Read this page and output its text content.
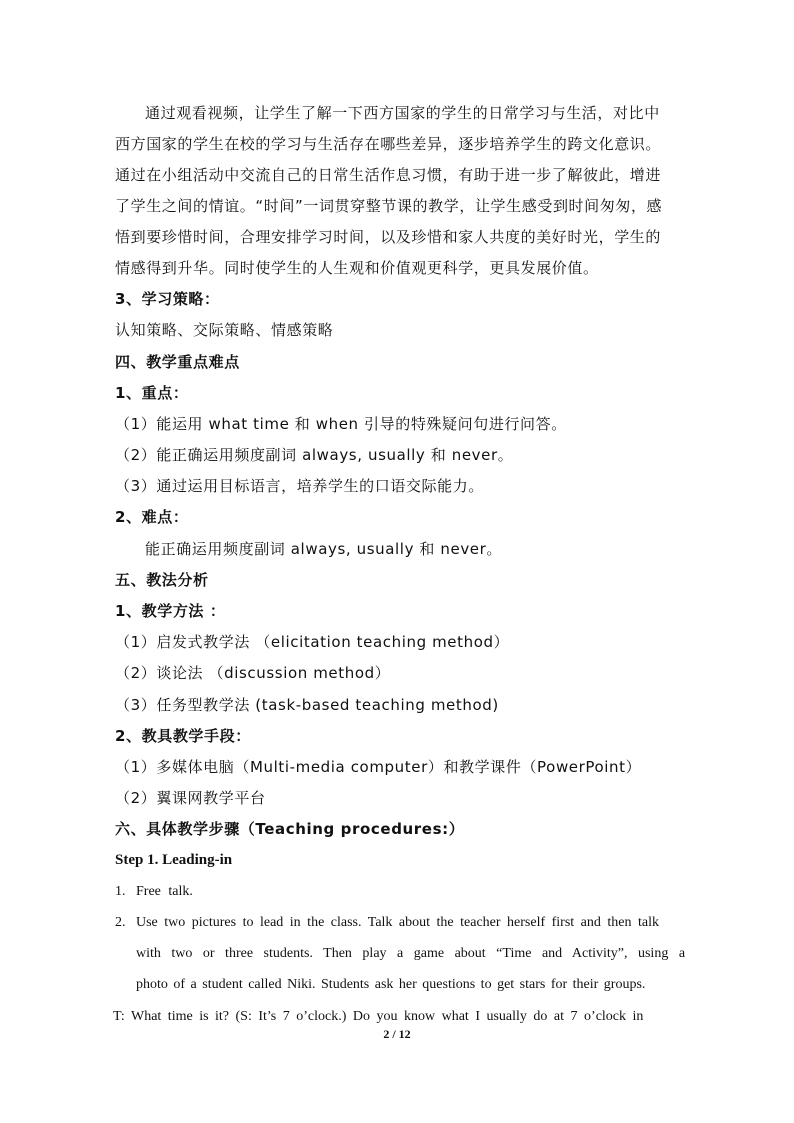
通过观看视频，让学生了解一下西方国家的学生的日常学习与生活，对比中
西方国家的学生在校的学习与生活存在哪些差异，逐步培养学生的跨文化意识。
通过在小组活动中交流自己的日常生活作息习惯，有助于进一步了解彼此，增进
了学生之间的情谊。“时间”一词贯穿整节课的教学，让学生感受到时间匆匆，感
悟到要珍惜时间，合理安排学习时间，以及珍惜和家人共度的美好时光，学生的
情感得到升华。同时使学生的人生观和价值观更科学，更具发展价值。
3、学习策略：
认知策略、交际策略、情感策略
四、教学重点难点
1、重点：
（1）能运用 what time 和 when 引导的特殊疑问句进行问答。
（2）能正确运用频度副词 always, usually 和 never。
（3）通过运用目标语言，培养学生的口语交际能力。
2、难点：
能正确运用频度副词 always, usually 和 never。
五、教法分析
1、教学方法 ：
（1）启发式教学法 （elicitation teaching method）
（2）谈论法 （discussion method）
（3）任务型教学法 (task-based teaching method)
2、教具教学手段：
（1）多媒体电脑（Multi-media computer）和教学课件（PowerPoint）
（2）翼课网教学平台
六、具体教学步骤（Teaching procedures:）
Step 1. Leading-in
1. Free talk.
2. Use two pictures to lead in the class. Talk about the teacher herself first and then talk
with two or three students. Then play a game about “Time and Activity”, using a
photo of a student called Niki. Students ask her questions to get stars for their groups.
T: What time is it? (S: It’s 7 o’clock.) Do you know what I usually do at 7 o’clock in
2 / 12
